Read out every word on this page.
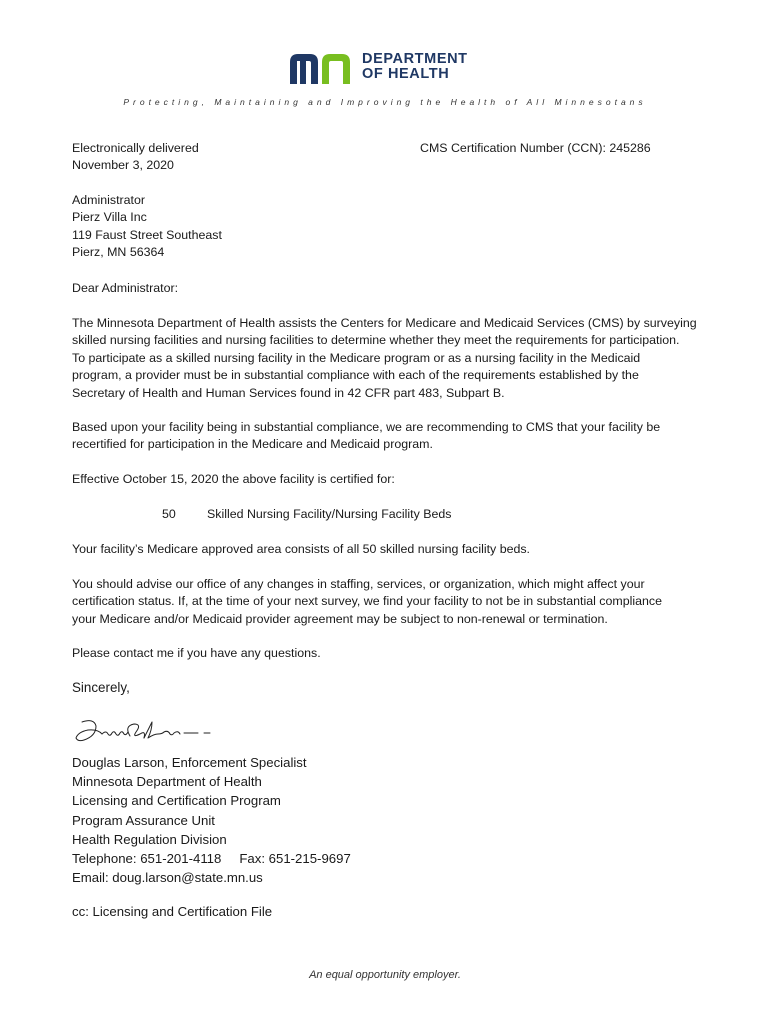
DEPARTMENT
OF HEALTH
Protecting, Maintaining and Improving the Health of All Minnesotans
Electronically delivered
November 3, 2020
CMS Certification Number (CCN): 245286
Administrator
Pierz Villa Inc
119 Faust Street Southeast
Pierz, MN 56364
Dear Administrator:

The Minnesota Department of Health assists the Centers for Medicare and Medicaid Services (CMS) by surveying

skilled nursing facilities and nursing facilities to determine whether they meet the requirements for participation.

To participate as a skilled nursing facility in the Medicare program or as a nursing facility in the Medicaid

program, a provider must be in substantial compliance with each of the requirements established by the

Secretary of Health and Human Services found in 42 CFR part 483, Subpart B.

Based upon your facility being in substantial compliance, we are recommending to CMS that your facility be

recertified for participation in the Medicare and Medicaid program.

Effective October 15, 2020 the above facility is certified for:
50	Skilled Nursing Facility/Nursing Facility Beds
Your facility’s Medicare approved area consists of all 50 skilled nursing facility beds.

You should advise our office of any changes in staffing, services, or organization, which might affect your

certification status. If, at the time of your next survey, we find your facility to not be in substantial compliance

your Medicare and/or Medicaid provider agreement may be subject to non-renewal or termination.

Please contact me if you have any questions.
Sincerely,
Douglas Larson, Enforcement Specialist
Minnesota Department of Health
Licensing and Certification Program
Program Assurance Unit
Health Regulation Division
Telephone: 651-201-4118 Fax: 651-215-9697
Email: doug.larson@state.mn.us
cc: Licensing and Certification File
An equal opportunity employer.
